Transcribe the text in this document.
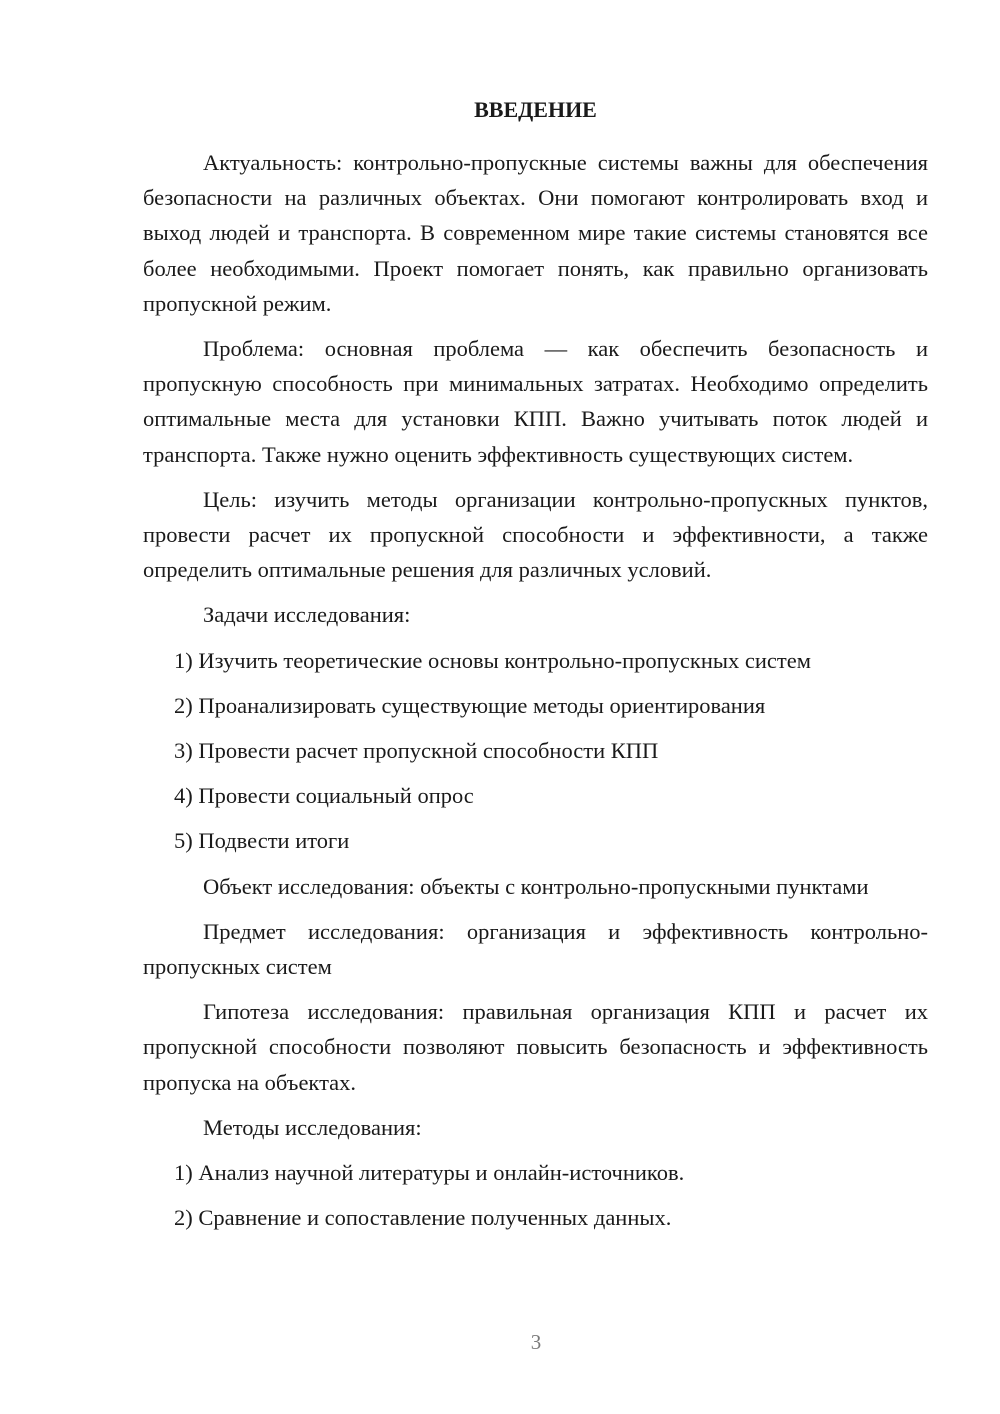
ВВЕДЕНИЕ

Актуальность: контрольно-пропускные системы важны для обеспечения безопасности на различных объектах. Они помогают контролировать вход и выход людей и транспорта. В современном мире такие системы становятся все более необходимыми. Проект помогает понять, как правильно организовать пропускной режим.

Проблема: основная проблема — как обеспечить безопасность и пропускную способность при минимальных затратах. Необходимо определить оптимальные места для установки КПП. Важно учитывать поток людей и транспорта. Также нужно оценить эффективность существующих систем.

Цель: изучить методы организации контрольно-пропускных пунктов, провести расчет их пропускной способности и эффективности, а также определить оптимальные решения для различных условий.

Задачи исследования:

1) Изучить теоретические основы контрольно-пропускных систем

2) Проанализировать существующие методы ориентирования

3) Провести расчет пропускной способности КПП

4) Провести социальный опрос

5) Подвести итоги

Объект исследования: объекты с контрольно-пропускными пунктами

Предмет исследования: организация и эффективность контрольно-пропускных систем

Гипотеза исследования: правильная организация КПП и расчет их пропускной способности позволяют повысить безопасность и эффективность пропуска на объектах.

Методы исследования:

1) Анализ научной литературы и онлайн-источников.

2) Сравнение и сопоставление полученных данных.

3
